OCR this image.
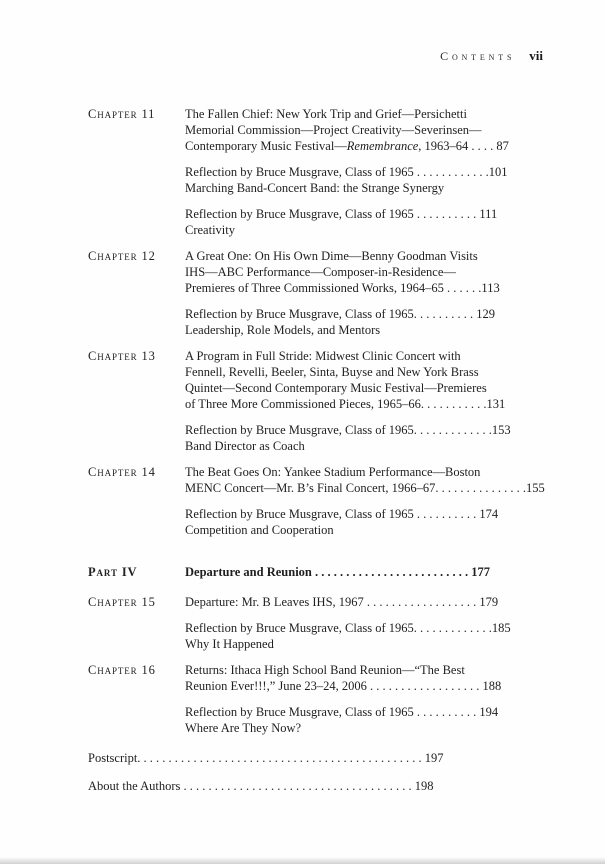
Contents vii
Chapter 11	The Fallen Chief: New York Trip and Grief—Persichetti
Memorial Commission—Project Creativity—Severinsen—
Contemporary Music Festival—Remembrance, 1963–64 . . . . 87
Reflection by Bruce Musgrave, Class of 1965 . . . . . . . . . . . .101
Marching Band-Concert Band: the Strange Synergy
Reflection by Bruce Musgrave, Class of 1965 . . . . . . . . . . 111
Creativity
Chapter 12	A Great One: On His Own Dime—Benny Goodman Visits
IHS—ABC Performance—Composer-in-Residence—
Premieres of Three Commissioned Works, 1964–65 . . . . . .113
Reflection by Bruce Musgrave, Class of 1965. . . . . . . . . . 129
Leadership, Role Models, and Mentors
Chapter 13	A Program in Full Stride: Midwest Clinic Concert with
Fennell, Revelli, Beeler, Sinta, Buyse and New York Brass
Quintet—Second Contemporary Music Festival—Premieres
of Three More Commissioned Pieces, 1965–66. . . . . . . . . . .131
Reflection by Bruce Musgrave, Class of 1965. . . . . . . . . . . . .153
Band Director as Coach
Chapter 14	The Beat Goes On: Yankee Stadium Performance—Boston
MENC Concert—Mr. B’s Final Concert, 1966–67. . . . . . . . . . . . . . .155
Reflection by Bruce Musgrave, Class of 1965 . . . . . . . . . . 174
Competition and Cooperation
Part IV	Departure and Reunion . . . . . . . . . . . . . . . . . . . . . . . . . 177
Chapter 15	Departure: Mr. B Leaves IHS, 1967 . . . . . . . . . . . . . . . . . . 179
Reflection by Bruce Musgrave, Class of 1965. . . . . . . . . . . . .185
Why It Happened
Chapter 16	Returns: Ithaca High School Band Reunion—“The Best
Reunion Ever!!!,” June 23–24, 2006 . . . . . . . . . . . . . . . . . . 188
Reflection by Bruce Musgrave, Class of 1965 . . . . . . . . . . 194
Where Are They Now?
Postscript. . . . . . . . . . . . . . . . . . . . . . . . . . . . . . . . . . . . . . . . . . . . . . 197
About the Authors . . . . . . . . . . . . . . . . . . . . . . . . . . . . . . . . . . . . . 198
